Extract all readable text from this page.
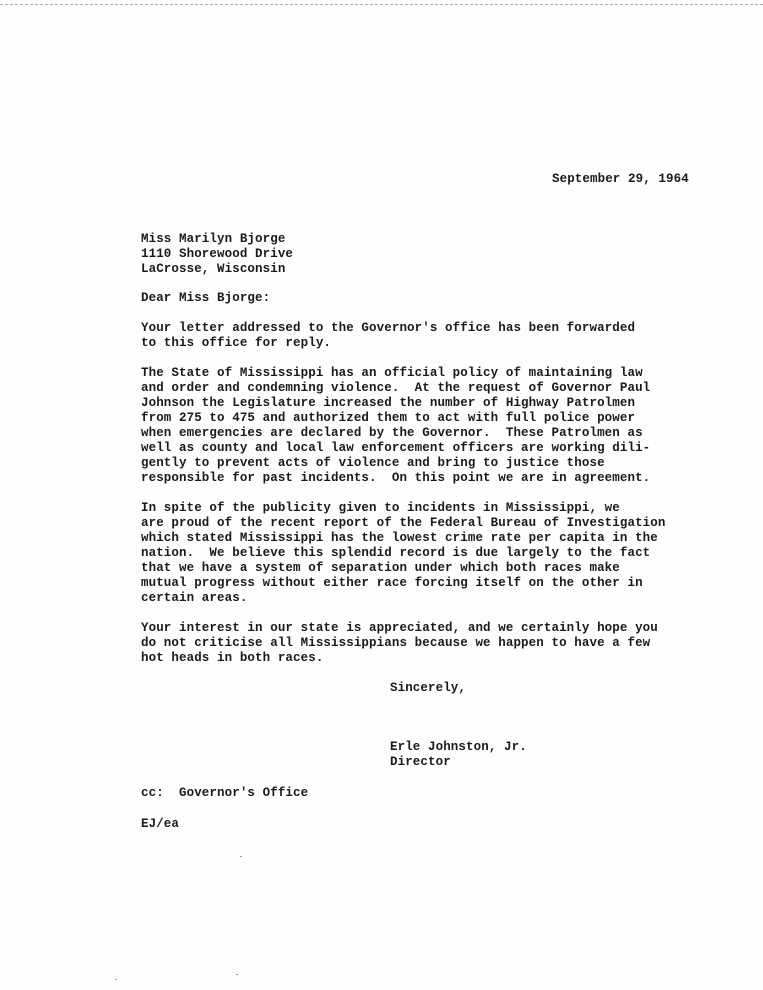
September 29, 1964
Miss Marilyn Bjorge
1110 Shorewood Drive
LaCrosse, Wisconsin
Dear Miss Bjorge:
Your letter addressed to the Governor's office has been forwarded
to this office for reply.
The State of Mississippi has an official policy of maintaining law
and order and condemning violence.  At the request of Governor Paul
Johnson the Legislature increased the number of Highway Patrolmen
from 275 to 475 and authorized them to act with full police power
when emergencies are declared by the Governor.  These Patrolmen as
well as county and local law enforcement officers are working dili-
gently to prevent acts of violence and bring to justice those
responsible for past incidents.  On this point we are in agreement.
In spite of the publicity given to incidents in Mississippi, we
are proud of the recent report of the Federal Bureau of Investigation
which stated Mississippi has the lowest crime rate per capita in the
nation.  We believe this splendid record is due largely to the fact
that we have a system of separation under which both races make
mutual progress without either race forcing itself on the other in
certain areas.
Your interest in our state is appreciated, and we certainly hope you
do not criticise all Mississippians because we happen to have a few
hot heads in both races.
Sincerely,
Erle Johnston, Jr.
Director
cc:  Governor's Office
EJ/ea
